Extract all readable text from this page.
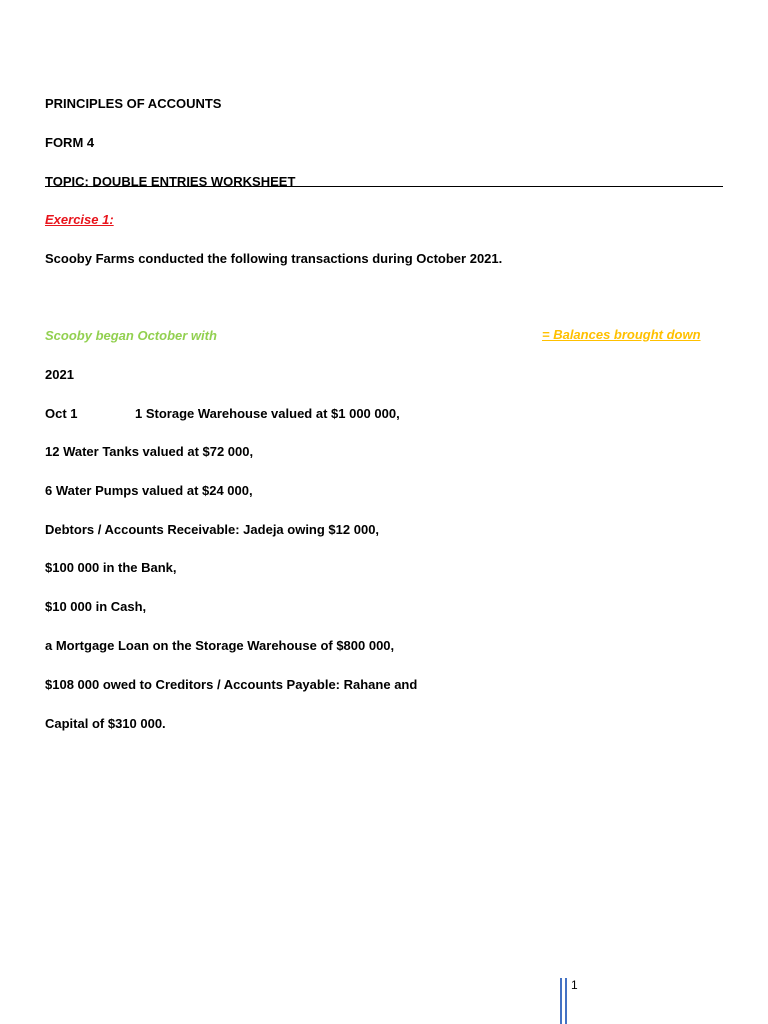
PRINCIPLES OF ACCOUNTS
FORM 4
TOPIC: DOUBLE ENTRIES WORKSHEET
Exercise 1:
Scooby Farms conducted the following transactions during October 2021.
Scooby began October with	= Balances brought down
2021
Oct 1	1 Storage Warehouse valued at $1 000 000,
12 Water Tanks valued at $72 000,
6 Water Pumps valued at $24 000,
Debtors / Accounts Receivable: Jadeja owing $12 000,
$100 000 in the Bank,
$10 000 in Cash,
a Mortgage Loan on the Storage Warehouse of $800 000,
$108 000 owed to Creditors / Accounts Payable: Rahane and
Capital of $310 000.
1
